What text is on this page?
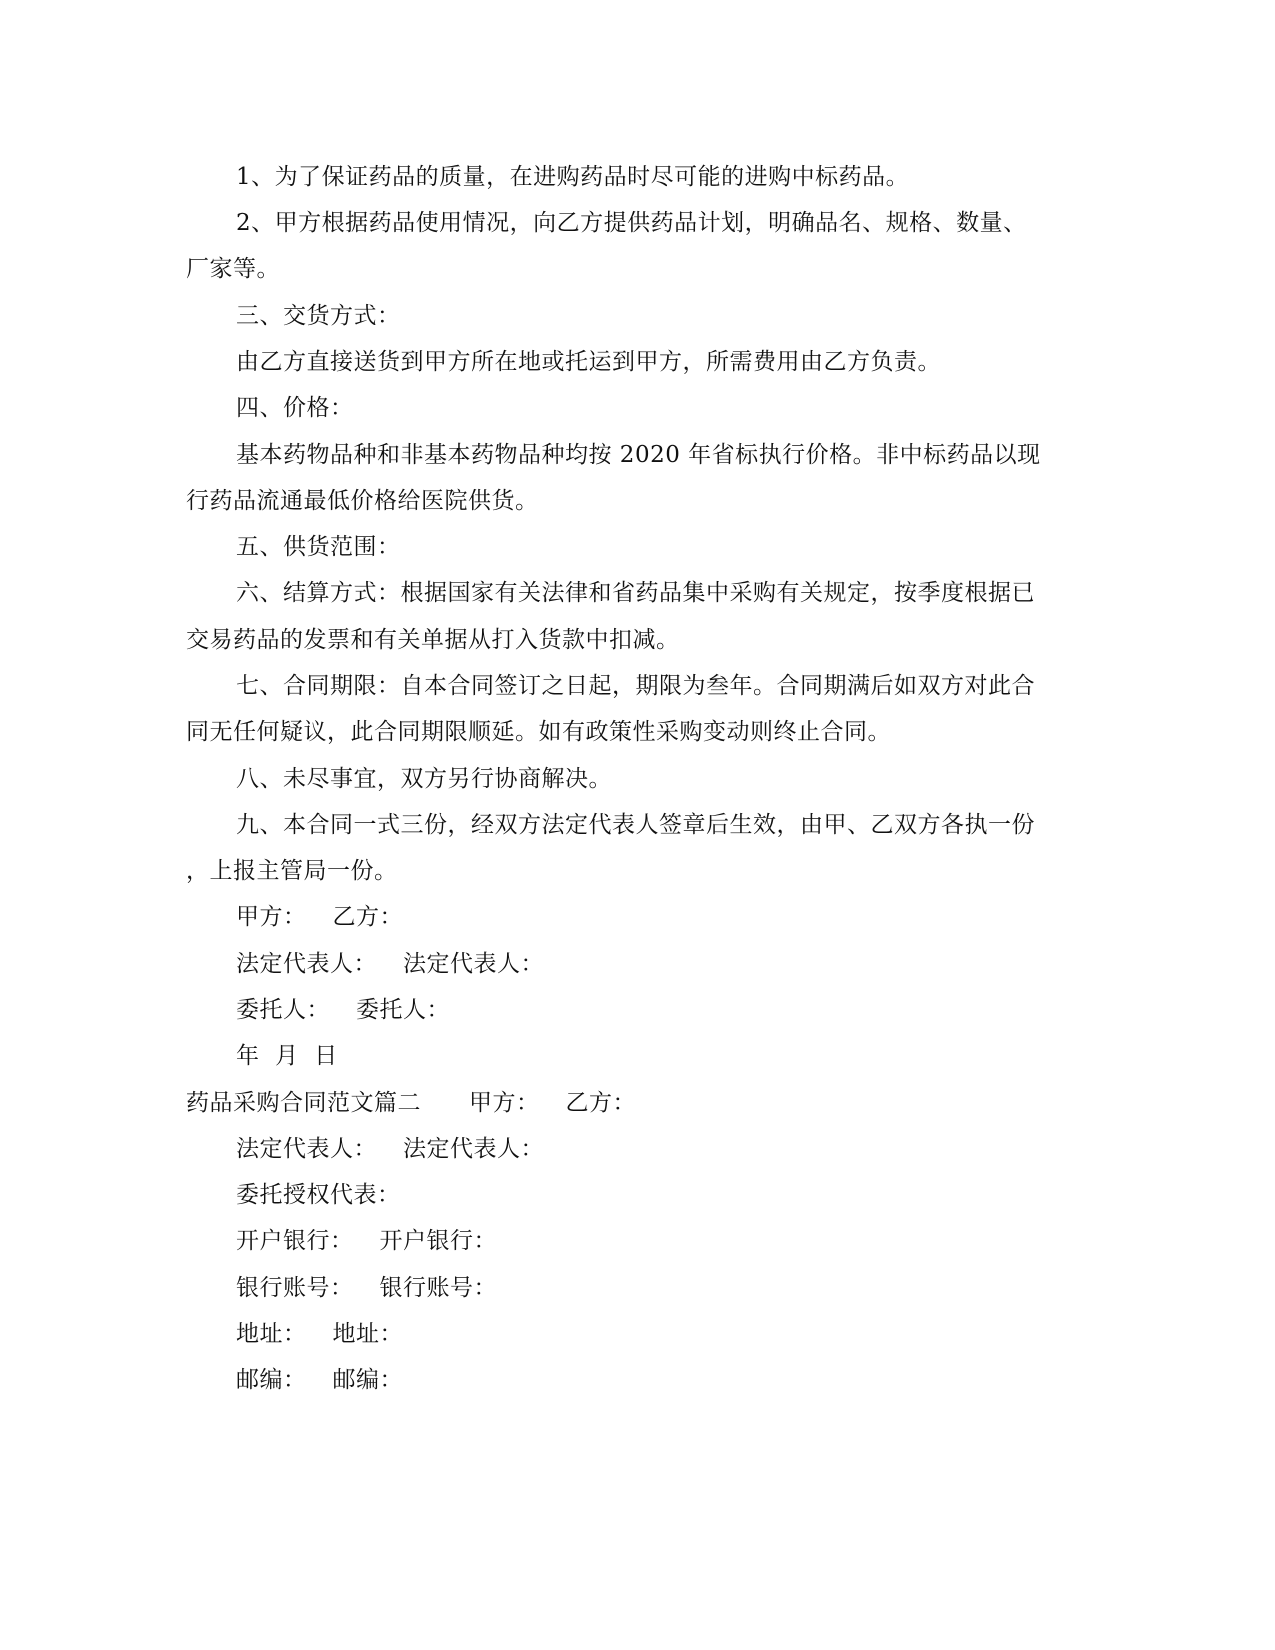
1、为了保证药品的质量，在进购药品时尽可能的进购中标药品。
2、甲方根据药品使用情况，向乙方提供药品计划，明确品名、规格、数量、
厂家等。
三、交货方式：
由乙方直接送货到甲方所在地或托运到甲方，所需费用由乙方负责。
四、价格：
基本药物品种和非基本药物品种均按 2020 年省标执行价格。非中标药品以现
行药品流通最低价格给医院供货。
五、供货范围：
六、结算方式：根据国家有关法律和省药品集中采购有关规定，按季度根据已
交易药品的发票和有关单据从打入货款中扣减。
七、合同期限：自本合同签订之日起，期限为叁年。合同期满后如双方对此合
同无任何疑议，此合同期限顺延。如有政策性采购变动则终止合同。
八、未尽事宜，双方另行协商解决。
九、本合同一式三份，经双方法定代表人签章后生效，由甲、乙双方各执一份
，上报主管局一份。
甲方： 乙方：
法定代表人： 法定代表人：
委托人： 委托人：
年  月  日
药品采购合同范文篇二 甲方： 乙方：
法定代表人： 法定代表人：
委托授权代表：
开户银行： 开户银行：
银行账号： 银行账号：
地址： 地址：
邮编： 邮编：
